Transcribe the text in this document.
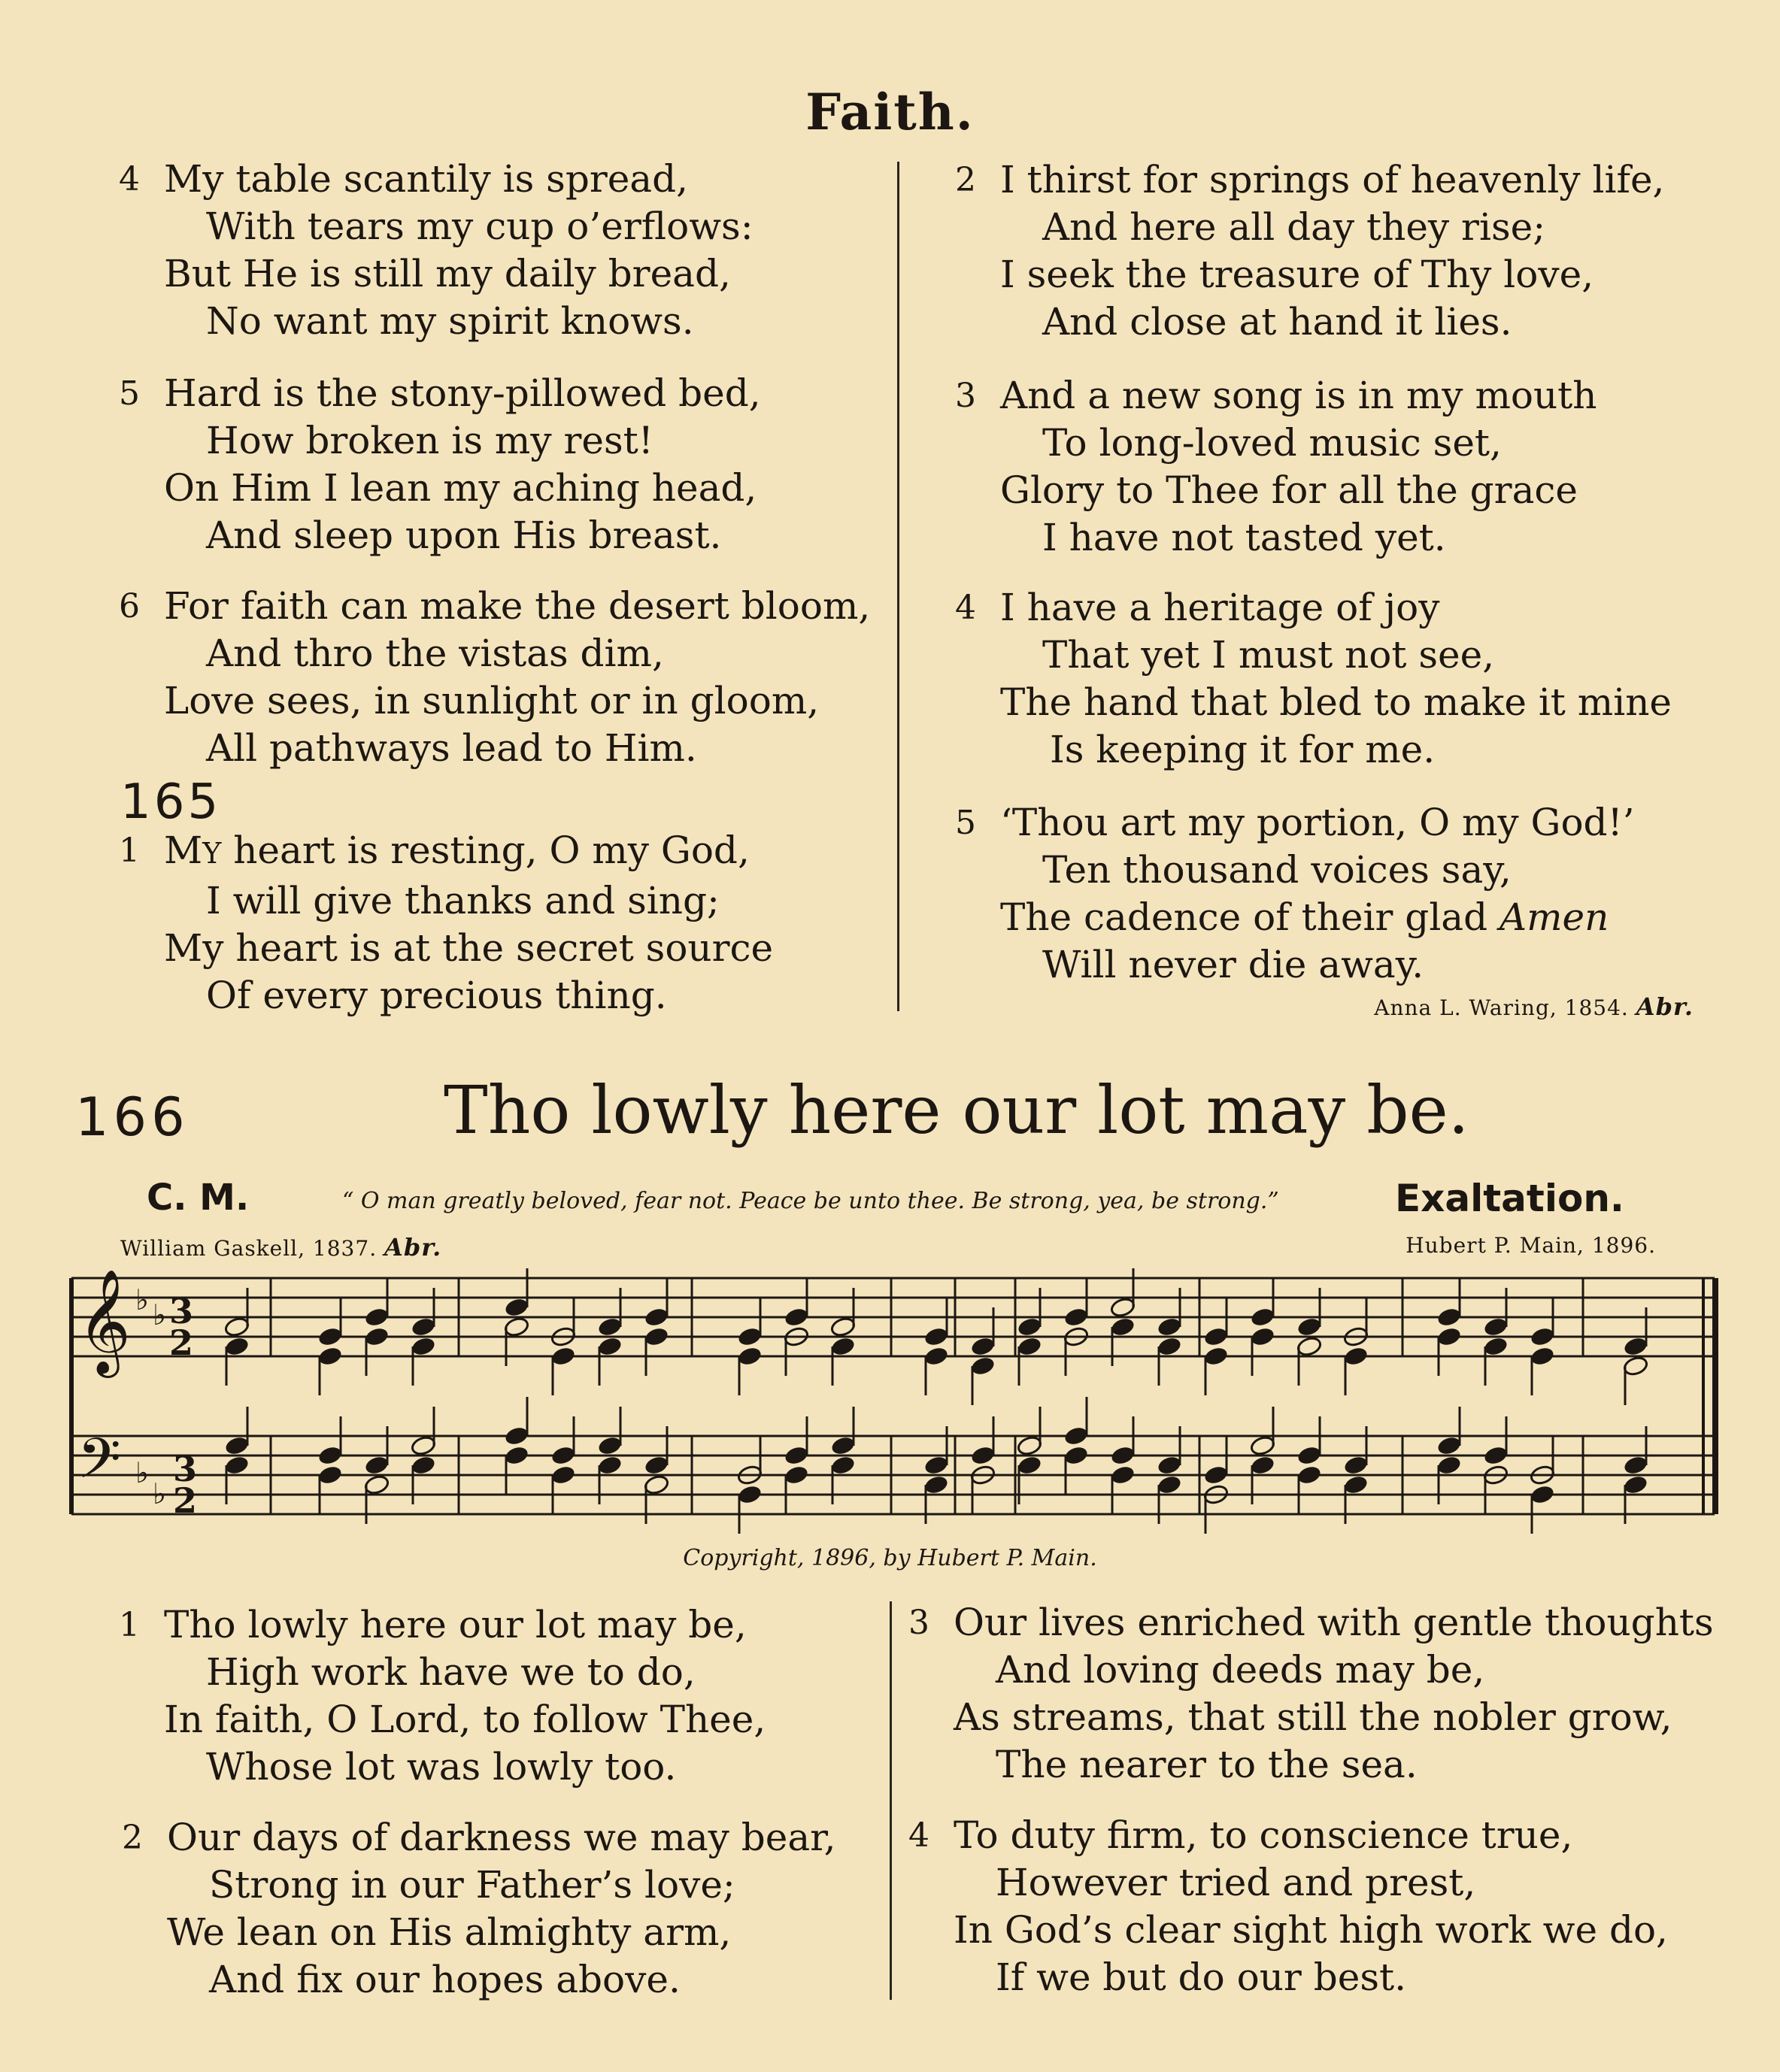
Faith.
4 My table scantily is spread,
With tears my cup o’erflows:
But He is still my daily bread,
No want my spirit knows.
5 Hard is the stony-pillowed bed,
How broken is my rest!
On Him I lean my aching head,
And sleep upon His breast.
6 For faith can make the desert bloom,
And thro the vistas dim,
Love sees, in sunlight or in gloom,
All pathways lead to Him.
165
1 MY heart is resting, O my God,
I will give thanks and sing;
My heart is at the secret source
Of every precious thing.
2 I thirst for springs of heavenly life,
And here all day they rise;
I seek the treasure of Thy love,
And close at hand it lies.
3 And a new song is in my mouth
To long-loved music set,
Glory to Thee for all the grace
I have not tasted yet.
4 I have a heritage of joy
That yet I must not see,
The hand that bled to make it mine
Is keeping it for me.
5 ‘Thou art my portion, O my God!’
Ten thousand voices say,
The cadence of their glad Amen
Will never die away.
Anna L. Waring, 1854. Abr.
166	Tho lowly here our lot may be.
C. M.	“ O man greatly beloved, fear not. Peace be unto thee. Be strong, yea, be strong.”	Exaltation.
William Gaskell, 1837. Abr.	Hubert P. Main, 1896.
𝄞
𝄢
♭ ♭
♭
♭
3
2
3
2
Copyright, 1896, by Hubert P. Main.
1 Tho lowly here our lot may be,
High work have we to do,
In faith, O Lord, to follow Thee,
Whose lot was lowly too.
2 Our days of darkness we may bear,
Strong in our Father’s love;
We lean on His almighty arm,
And fix our hopes above.
3 Our lives enriched with gentle thoughts
And loving deeds may be,
As streams, that still the nobler grow,
The nearer to the sea.
4 To duty firm, to conscience true,
However tried and prest,
In God’s clear sight high work we do,
If we but do our best.
